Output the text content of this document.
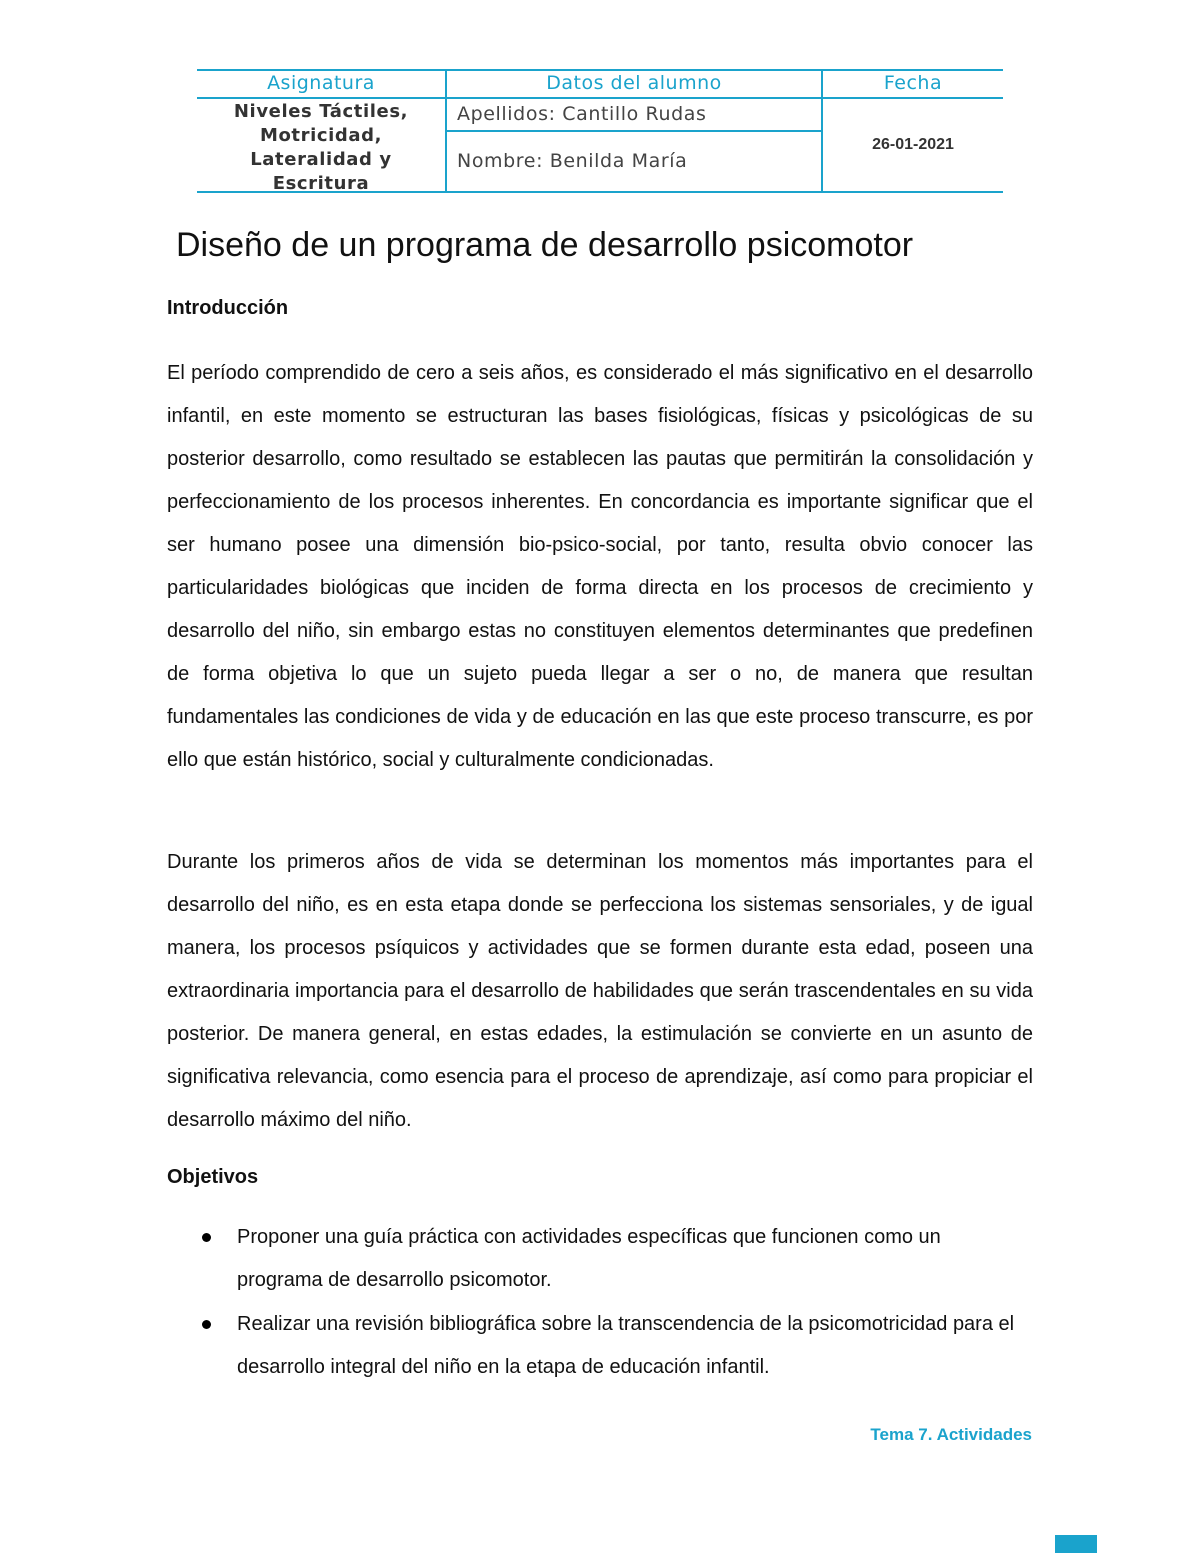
Asignatura	Datos del alumno	Fecha
Niveles Táctiles,
Motricidad,
Lateralidad y
Escritura
Apellidos: Cantillo Rudas
Nombre: Benilda María
26-01-2021
Diseño de un programa de desarrollo psicomotor
Introducción
El período comprendido de cero a seis años, es considerado el más significativo en el desarrollo infantil, en este momento se estructuran las bases fisiológicas, físicas y psicológicas de su posterior desarrollo, como resultado se establecen las pautas que permitirán la consolidación y perfeccionamiento de los procesos inherentes. En concordancia es importante significar que el ser humano posee una dimensión bio-psico-social, por tanto, resulta obvio conocer las particularidades biológicas que inciden de forma directa en los procesos de crecimiento y desarrollo del niño, sin embargo estas no constituyen elementos determinantes que predefinen de forma objetiva lo que un sujeto pueda llegar a ser o no, de manera que resultan fundamentales las condiciones de vida y de educación en las que este proceso transcurre, es por ello que están histórico, social y culturalmente condicionadas.
Durante los primeros años de vida se determinan los momentos más importantes para el desarrollo del niño, es en esta etapa donde se perfecciona los sistemas sensoriales, y de igual manera, los procesos psíquicos y actividades que se formen durante esta edad, poseen una extraordinaria importancia para el desarrollo de habilidades que serán trascendentales en su vida posterior. De manera general, en estas edades, la estimulación se convierte en un asunto de significativa relevancia, como esencia para el proceso de aprendizaje, así como para propiciar el desarrollo máximo del niño.
Objetivos
Proponer una guía práctica con actividades específicas que funcionen como un programa de desarrollo psicomotor.
Realizar una revisión bibliográfica sobre la transcendencia de la psicomotricidad para el desarrollo integral del niño en la etapa de educación infantil.
Tema 7. Actividades
